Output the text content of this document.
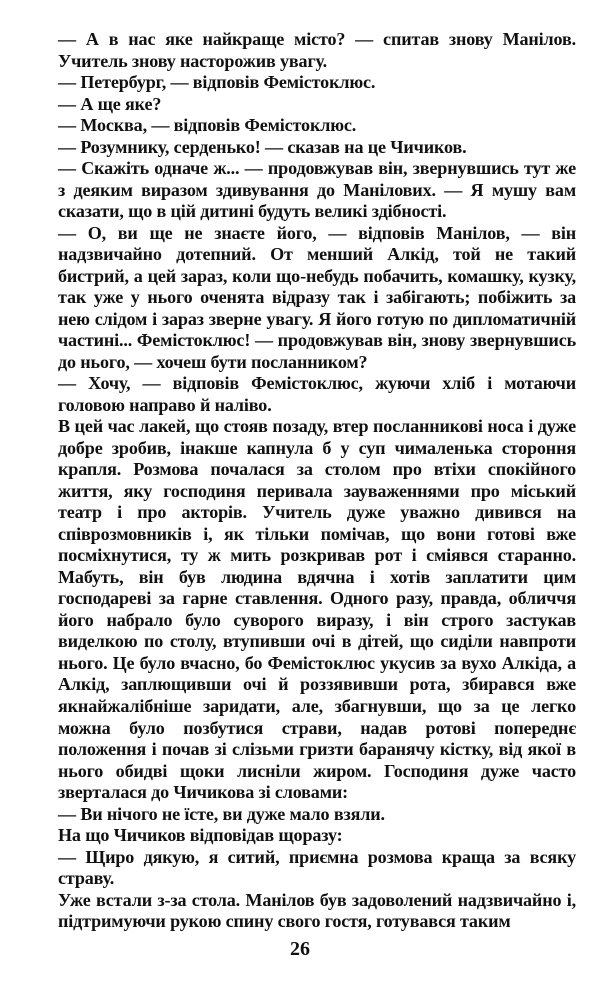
— А в нас яке найкраще місто? — спитав знову Манілов. Учитель знову насторожив увагу.

— Петербург, — відповів Фемістоклюс.

— А ще яке?

— Москва, — відповів Фемістоклюс.

— Розумнику, серденько! — сказав на це Чичиков.

— Скажіть одначе ж... — продовжував він, звернувшись тут же з деяким виразом здивування до Манілових. — Я мушу вам сказати, що в цій дитині будуть великі здібності.

— О, ви ще не знаєте його, — відповів Манілов, — він надзвичайно дотепний. От менший Алкід, той не такий бистрий, а цей зараз, коли що-небудь побачить, комашку, кузку, так уже у нього оченята відразу так і забігають; побіжить за нею слідом і зараз зверне увагу. Я його готую по дипломатичній частині... Фемістоклюс! — продовжував він, знову звернувшись до нього, — хочеш бути посланником?

— Хочу, — відповів Фемістоклюс, жуючи хліб і мотаючи головою направо й наліво.

В цей час лакей, що стояв позаду, втер посланникові носа і дуже добре зробив, інакше капнула б у суп чималенька стороння крапля. Розмова почалася за столом про втіхи спокійного життя, яку господиня перивала зауваженнями про міський театр і про акторів. Учитель дуже уважно дивився на співрозмовників і, як тільки помічав, що вони готові вже посміхнутися, ту ж мить розкривав рот і сміявся старанно. Мабуть, він був людина вдячна і хотів заплатити цим господареві за гарне ставлення. Одного разу, правда, обличчя його набрало було суворого виразу, і він строго застукав виделкою по столу, втупивши очі в дітей, що сиділи навпроти нього. Це було вчасно, бо Фемістоклюс укусив за вухо Алкіда, а Алкід, заплющивши очі й роззявивши рота, збирався вже якнайжалібніше заридати, але, збагнувши, що за це легко можна було позбутися страви, надав ротові попереднє положення і почав зі слізьми гризти баранячу кістку, від якої в нього обидві щоки лисніли жиром. Господиня дуже часто зверталася до Чичикова зі словами:

— Ви нічого не їсте, ви дуже мало взяли.

На що Чичиков відповідав щоразу:

— Щиро дякую, я ситий, приємна розмова краща за всяку страву.

Уже встали з-за стола. Манілов був задоволений надзвичайно і, підтримуючи рукою спину свого гостя, готувався таким

26
